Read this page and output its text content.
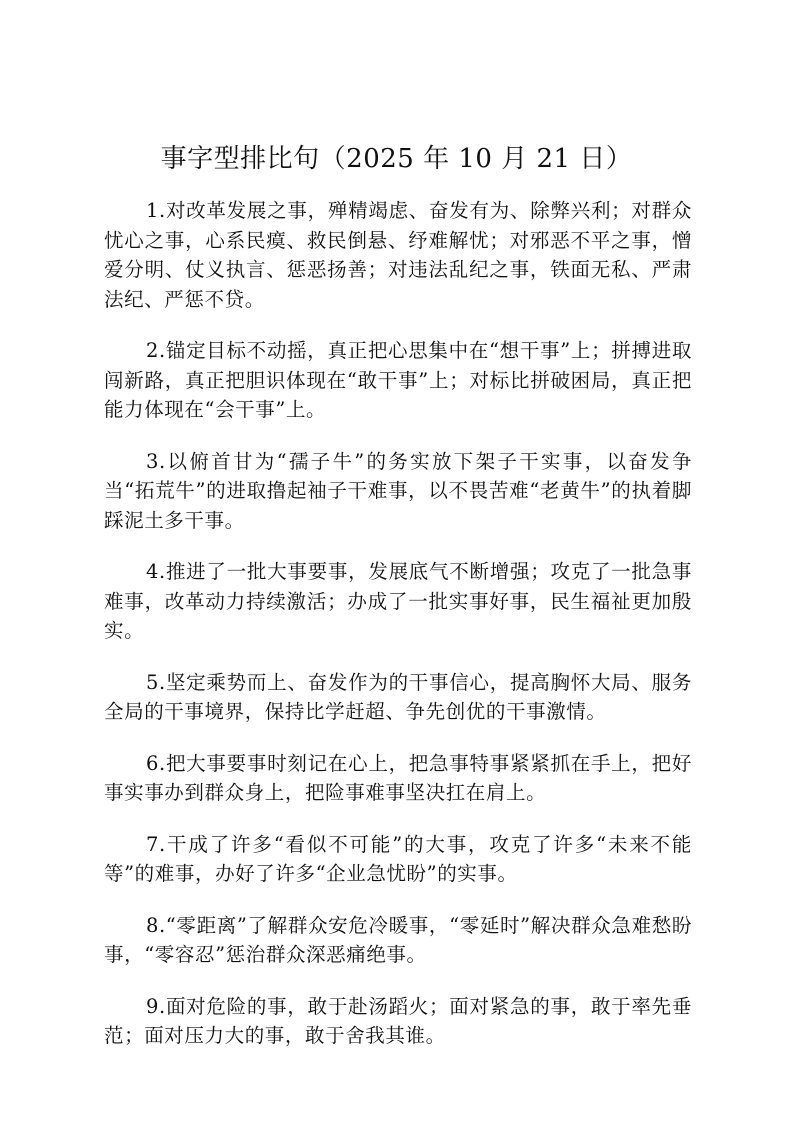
事字型排比句（2025 年 10 月 21 日）

1.对改革发展之事，殚精竭虑、奋发有为、除弊兴利；对群众忧心之事，心系民瘼、救民倒悬、纾难解忧；对邪恶不平之事，憎爱分明、仗义执言、惩恶扬善；对违法乱纪之事，铁面无私、严肃法纪、严惩不贷。

2.锚定目标不动摇，真正把心思集中在“想干事”上；拼搏进取闯新路，真正把胆识体现在“敢干事”上；对标比拼破困局，真正把能力体现在“会干事”上。

3.以俯首甘为“孺子牛”的务实放下架子干实事，以奋发争当“拓荒牛”的进取撸起袖子干难事，以不畏苦难“老黄牛”的执着脚踩泥土多干事。

4.推进了一批大事要事，发展底气不断增强；攻克了一批急事难事，改革动力持续激活；办成了一批实事好事，民生福祉更加殷实。

5.坚定乘势而上、奋发作为的干事信心，提高胸怀大局、服务全局的干事境界，保持比学赶超、争先创优的干事激情。

6.把大事要事时刻记在心上，把急事特事紧紧抓在手上，把好事实事办到群众身上，把险事难事坚决扛在肩上。

7.干成了许多“看似不可能”的大事，攻克了许多“未来不能等”的难事，办好了许多“企业急忧盼”的实事。

8.“零距离”了解群众安危冷暖事，“零延时”解决群众急难愁盼事，“零容忍”惩治群众深恶痛绝事。

9.面对危险的事，敢于赴汤蹈火；面对紧急的事，敢于率先垂范；面对压力大的事，敢于舍我其谁。
